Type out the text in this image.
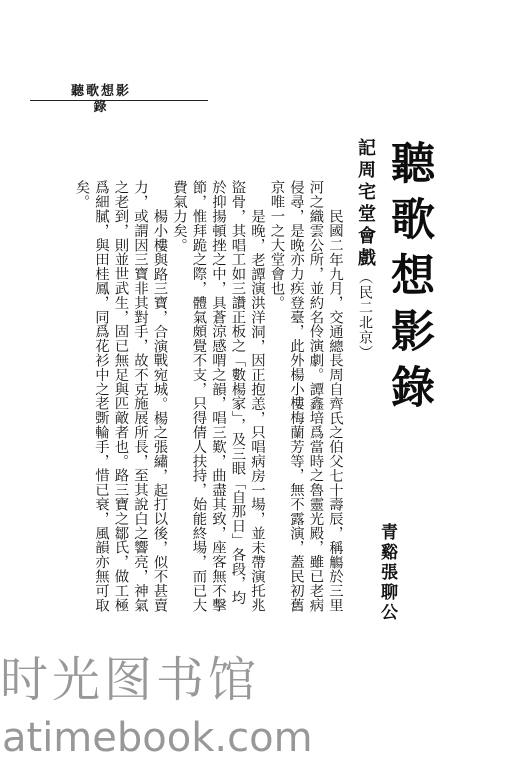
聽歌想影錄
聽歌想影錄
記周宅堂會戲（民二北京）
青谿張聊公

民國二年九月，交通總長周自齊氏之伯父七十壽辰，稱觴於三里河之織雲公所，並約名伶演劇。譚鑫培爲當時之魯靈光殿，雖已老病侵尋，是晚亦力疾登臺，此外楊小樓梅蘭芳等，無不露演，蓋民初舊京唯一之大堂會也。

是晚，老譚演洪洋洞，因正抱恙，只唱病房一場，並未帶演托兆盜骨，其唱工如三讚正板之「數楊家」，及三眼「自那日」各段，均於抑揚頓挫之中，具蒼涼感喟之韻，唱三歎，曲盡其致，座客無不擊節，惟拜跪之際，體氣頗覺不支，只得倩人扶持，始能終場，而已大費氣力矣。

楊小樓與路三寶，合演戰宛城。楊之張繡，起打以後，似不甚賣力，或謂因三寶非其對手，故不克施展所長，至其說白之響亮，神氣之老到，則並世武生，固已無足與匹敵者也。路三寶之鄒氏，做工極爲細膩，與田桂鳳，同爲花衫中之老斲輪手，惜已衰，風韻亦無可取矣。

时光图书馆
atimebook.com
